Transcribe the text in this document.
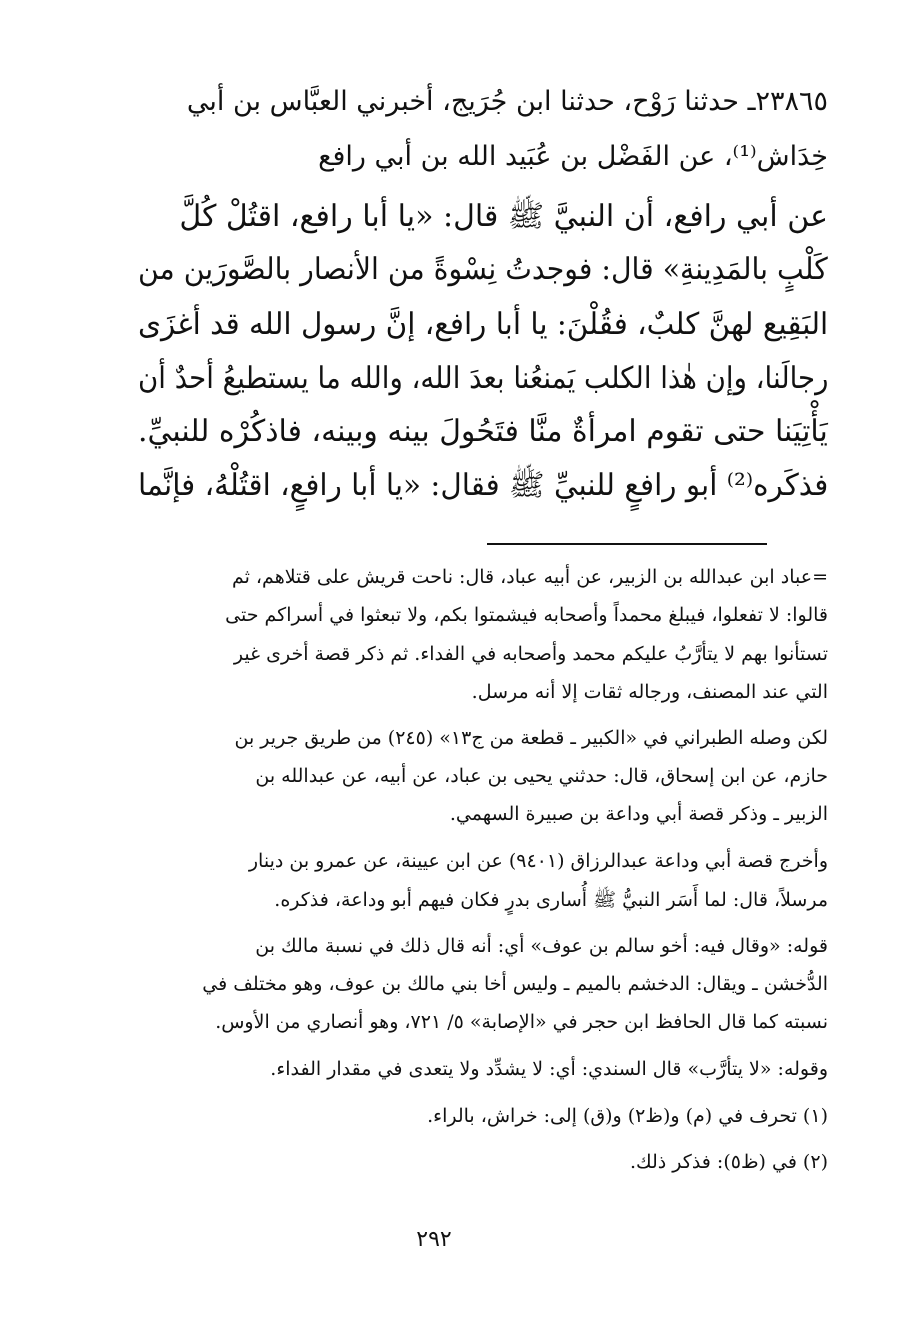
٢٣٨٦٥ـ حدثنا رَوْح، حدثنا ابن جُرَيج، أخبرني العبَّاس بن أبي
خِدَاش⁽¹⁾، عن الفَضْل بن عُبَيد الله بن أبي رافع
عن أبي رافع، أن النبيَّ ﷺ قال: «يا أبا رافع، اقتُلْ كُلَّ
كَلْبٍ بالمَدِينةِ» قال: فوجدتُ نِسْوةً من الأنصار بالصَّورَين من
البَقِيع لهنَّ كلبٌ، فقُلْنَ: يا أبا رافع، إنَّ رسول الله قد أغزَى
رجالَنا، وإن هٰذا الكلب يَمنعُنا بعدَ الله، والله ما يستطيعُ أحدٌ أن
يَأْتِيَنا حتى تقوم امرأةٌ منَّا فتَحُولَ بينه وبينه، فاذكُرْه للنبيِّ.
فذكَره⁽²⁾ أبو رافعٍ للنبيِّ ﷺ فقال: «يا أبا رافعٍ، اقتُلْهُ، فإنَّما
=عباد ابن عبدالله بن الزبير، عن أبيه عباد، قال: ناحت قريش على قتلاهم، ثم
قالوا: لا تفعلوا، فيبلغ محمداً وأصحابه فيشمتوا بكم، ولا تبعثوا في أسراكم حتى
تستأنوا بهم لا يتأرَّبُ عليكم محمد وأصحابه في الفداء. ثم ذكر قصة أخرى غير
التي عند المصنف، ورجاله ثقات إلا أنه مرسل.
لكن وصله الطبراني في «الكبير ـ قطعة من ج١٣» (٢٤٥) من طريق جرير بن
حازم، عن ابن إسحاق، قال: حدثني يحيى بن عباد، عن أبيه، عن عبدالله بن
الزبير ـ وذكر قصة أبي وداعة بن صبيرة السهمي.
وأخرج قصة أبي وداعة عبدالرزاق (٩٤٠١) عن ابن عيينة، عن عمرو بن دينار
مرسلاً، قال: لما أَسَر النبيُّ ﷺ أُسارى بدرٍ فكان فيهم أبو وداعة، فذكره.
قوله: «وقال فيه: أخو سالم بن عوف» أي: أنه قال ذلك في نسبة مالك بن
الدُّخشن ـ ويقال: الدخشم بالميم ـ وليس أخا بني مالك بن عوف، وهو مختلف في
نسبته كما قال الحافظ ابن حجر في «الإصابة» ٥/ ٧٢١، وهو أنصاري من الأوس.
وقوله: «لا يتأرَّب» قال السندي: أي: لا يشدِّد ولا يتعدى في مقدار الفداء.
(١) تحرف في (م) و(ظ٢) و(ق) إلى: خراش، بالراء.
(٢) في (ظ٥): فذكر ذلك.
٢٩٢
